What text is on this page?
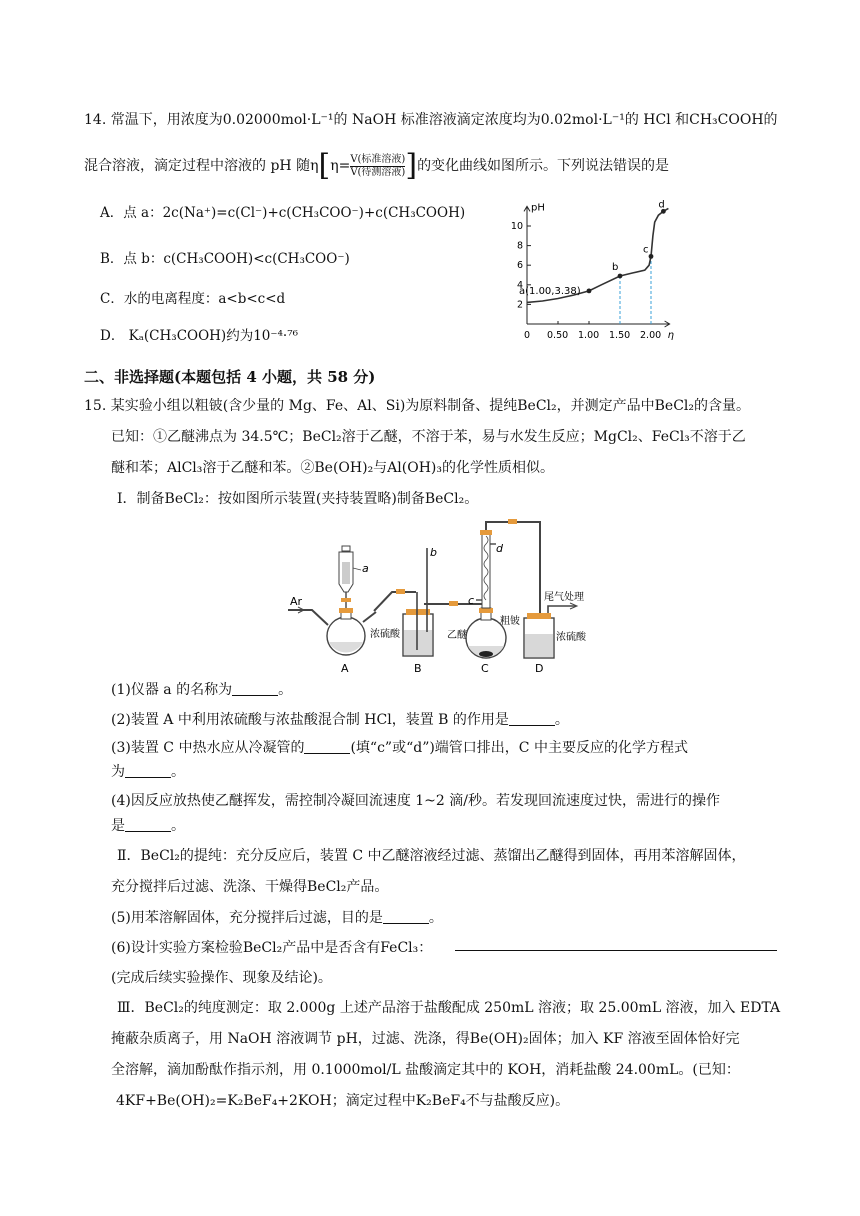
14. 常温下，用浓度为0.02000mol·L⁻¹的 NaOH 标准溶液滴定浓度均为0.02mol·L⁻¹的 HCl 和CH₃COOH的
混合溶液，滴定过程中溶液的 pH 随$\eta[\eta= \frac{\text{V(标准溶液)}}{\text{V(待测溶液)}}$ ]的变化曲线如图所示。下列说法错误的是
A．点 a：2c(Na⁺)=c(Cl⁻)+c(CH₃COO⁻)+c(CH₃COOH)
B．点 b：c(CH₃COOH)<c(CH₃COO⁻)
C．水的电离程度：a<b<c<d
D． Kₐ(CH₃COOH)约为10⁻⁴·⁷⁶
pH
η
0 0.50 1.00 1.50 2.00
2
4
6
8
10
a(1.00,3.38)
b
c
d
二、非选择题(本题包括 4 小题，共 58 分)
15. 某实验小组以粗铍(含少量的 Mg、Fe、Al、Si)为原料制备、提纯BeCl₂，并测定产品中BeCl₂的含量。
已知：①乙醚沸点为 34.5℃；BeCl₂溶于乙醚，不溶于苯，易与水发生反应；MgCl₂、FeCl₃不溶于乙
醚和苯；AlCl₃溶于乙醚和苯。②Be(OH)₂与Al(OH)₃的化学性质相似。
Ⅰ．制备BeCl₂：按如图所示装置(夹持装置略)制备BeCl₂。
Ar
a
浓硫酸
b
c
d
乙醚
粗铍
尾气处理
浓硫酸
A	B	C	D
(1)仪器 a 的名称为	。
(2)装置 A 中利用浓硫酸与浓盐酸混合制 HCl，装置 B 的作用是	。
(3)装置 C 中热水应从冷凝管的	(填“c”或“d”)端管口排出，C 中主要反应的化学方程式
为	。
(4)因反应放热使乙醚挥发，需控制冷凝回流速度 1~2 滴/秒。若发现回流速度过快，需进行的操作
是	。
Ⅱ．BeCl₂的提纯：充分反应后，装置 C 中乙醚溶液经过滤、蒸馏出乙醚得到固体，再用苯溶解固体，
充分搅拌后过滤、洗涤、干燥得BeCl₂产品。
(5)用苯溶解固体，充分搅拌后过滤，目的是	。
(6)设计实验方案检验BeCl₂产品中是否含有FeCl₃：
(完成后续实验操作、现象及结论)。
Ⅲ．BeCl₂的纯度测定：取 2.000g 上述产品溶于盐酸配成 250mL 溶液；取 25.00mL 溶液，加入 EDTA
掩蔽杂质离子，用 NaOH 溶液调节 pH，过滤、洗涤，得Be(OH)₂固体；加入 KF 溶液至固体恰好完
全溶解，滴加酚酞作指示剂，用 0.1000mol/L 盐酸滴定其中的 KOH，消耗盐酸 24.00mL。(已知：
4KF+Be(OH)₂=K₂BeF₄+2KOH；滴定过程中K₂BeF₄不与盐酸反应)。
